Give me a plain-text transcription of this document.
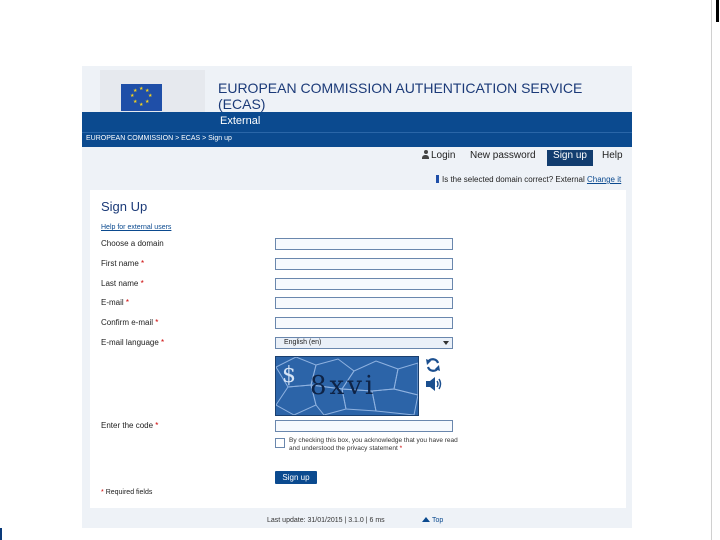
★ ★
★
★
★
★
★
★	EUROPEAN COMMISSION AUTHENTICATION SERVICE
(ECAS)
External
EUROPEAN COMMISSION > ECAS > Sign up
Login New password	Sign up	Help
Is the selected domain correct? External Change it
Sign Up
Help for external users
Choose a domain
First name *
Last name *
E-mail *
Confirm e-mail *
E-mail language *	English (en)
$ 8xvi
Enter the code *
By checking this box, you acknowledge that you have read and understood the privacy statement *
Sign up
* Required fields
Last update: 31/01/2015 | 3.1.0 | 6 ms	Top
